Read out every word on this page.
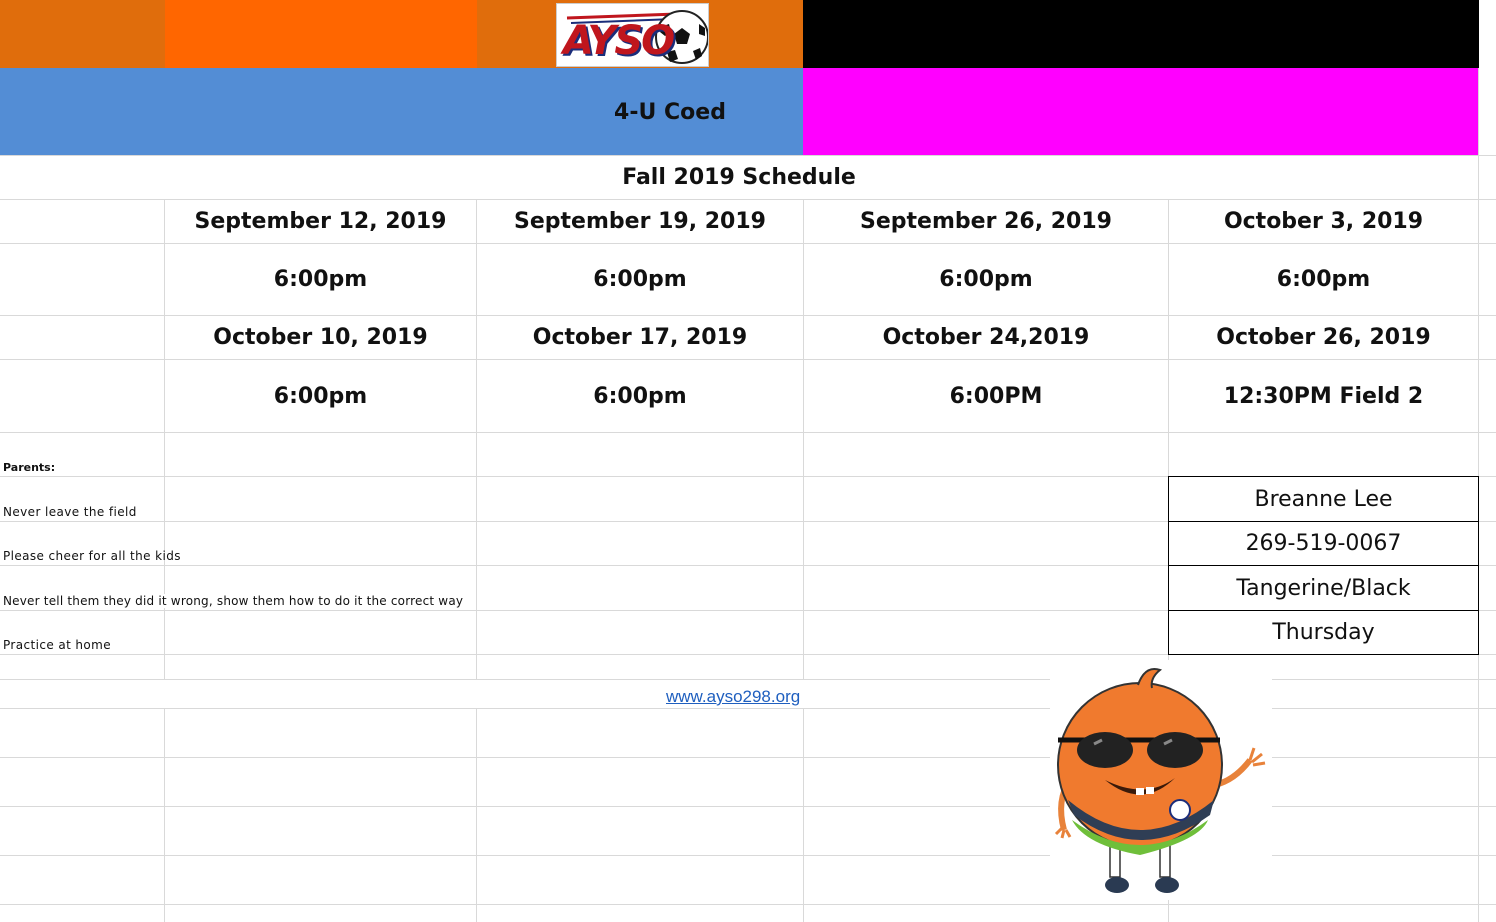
AYSO
4-U Coed
Fall 2019 Schedule
September 12, 2019	September 19, 2019	September 26, 2019	October 3, 2019
6:00pm	6:00pm	6:00pm	6:00pm
October 10, 2019	October 17, 2019	October 24,2019	October 26, 2019
6:00pm	6:00pm	6:00PM	12:30PM Field 2
Parents:
Never leave the field
Please cheer for all the kids
Never tell them they did it wrong, show them how to do it the correct way
Practice at home
Breanne Lee
269-519-0067
Tangerine/Black
Thursday
www.ayso298.org
